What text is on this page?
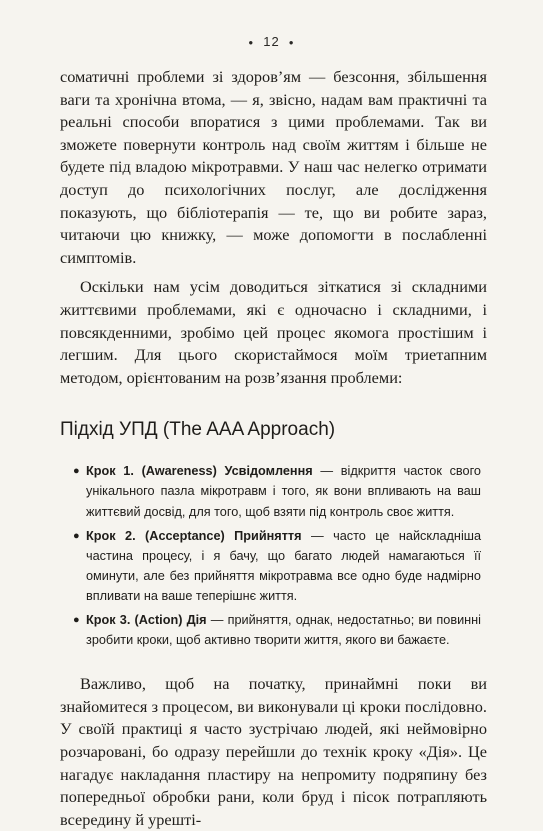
● 12 ●

соматичні проблеми зі здоров’ям — безсоння, збільшення ваги та хронічна втома, — я, звісно, надам вам практичні та реальні способи впоратися з цими проблемами. Так ви зможете повернути контроль над своїм життям і більше не будете під владою мікротравми. У наш час нелегко отримати доступ до психологічних послуг, але дослідження показують, що бібліотерапія — те, що ви робите зараз, читаючи цю книжку, — може допомогти в послабленні симптомів.

Оскільки нам усім доводиться зіткатися зі складними життєвими проблемами, які є одночасно і складними, і повсякденними, зробімо цей процес якомога простішим і легшим. Для цього скористаймося моїм триетапним методом, орієнтованим на розв’язання проблеми:

Підхід УПД (The AAA Approach)
● Крок 1. (Awareness) Усвідомлення — відкриття часток свого унікального пазла мікротравм і того, як вони впливають на ваш життєвий досвід, для того, щоб взяти під контроль своє життя.
● Крок 2. (Acceptance) Прийняття — часто це найскладніша частина процесу, і я бачу, що багато людей намагаються її оминути, але без прийняття мікротравма все одно буде надмірно впливати на ваше теперішнє життя.
● Крок 3. (Action) Дія — прийняття, однак, недостатньо; ви повинні зробити кроки, щоб активно творити життя, якого ви бажаєте.

Важливо, щоб на початку, принаймні поки ви знайомитеся з процесом, ви виконували ці кроки послідовно. У своїй практиці я часто зустрічаю людей, які неймовірно розчаровані, бо одразу перейшли до технік кроку «Дія». Це нагадує накладання пластиру на непромиту подряпину без попередньої обробки рани, коли бруд і пісок потрапляють всередину й урешті-
